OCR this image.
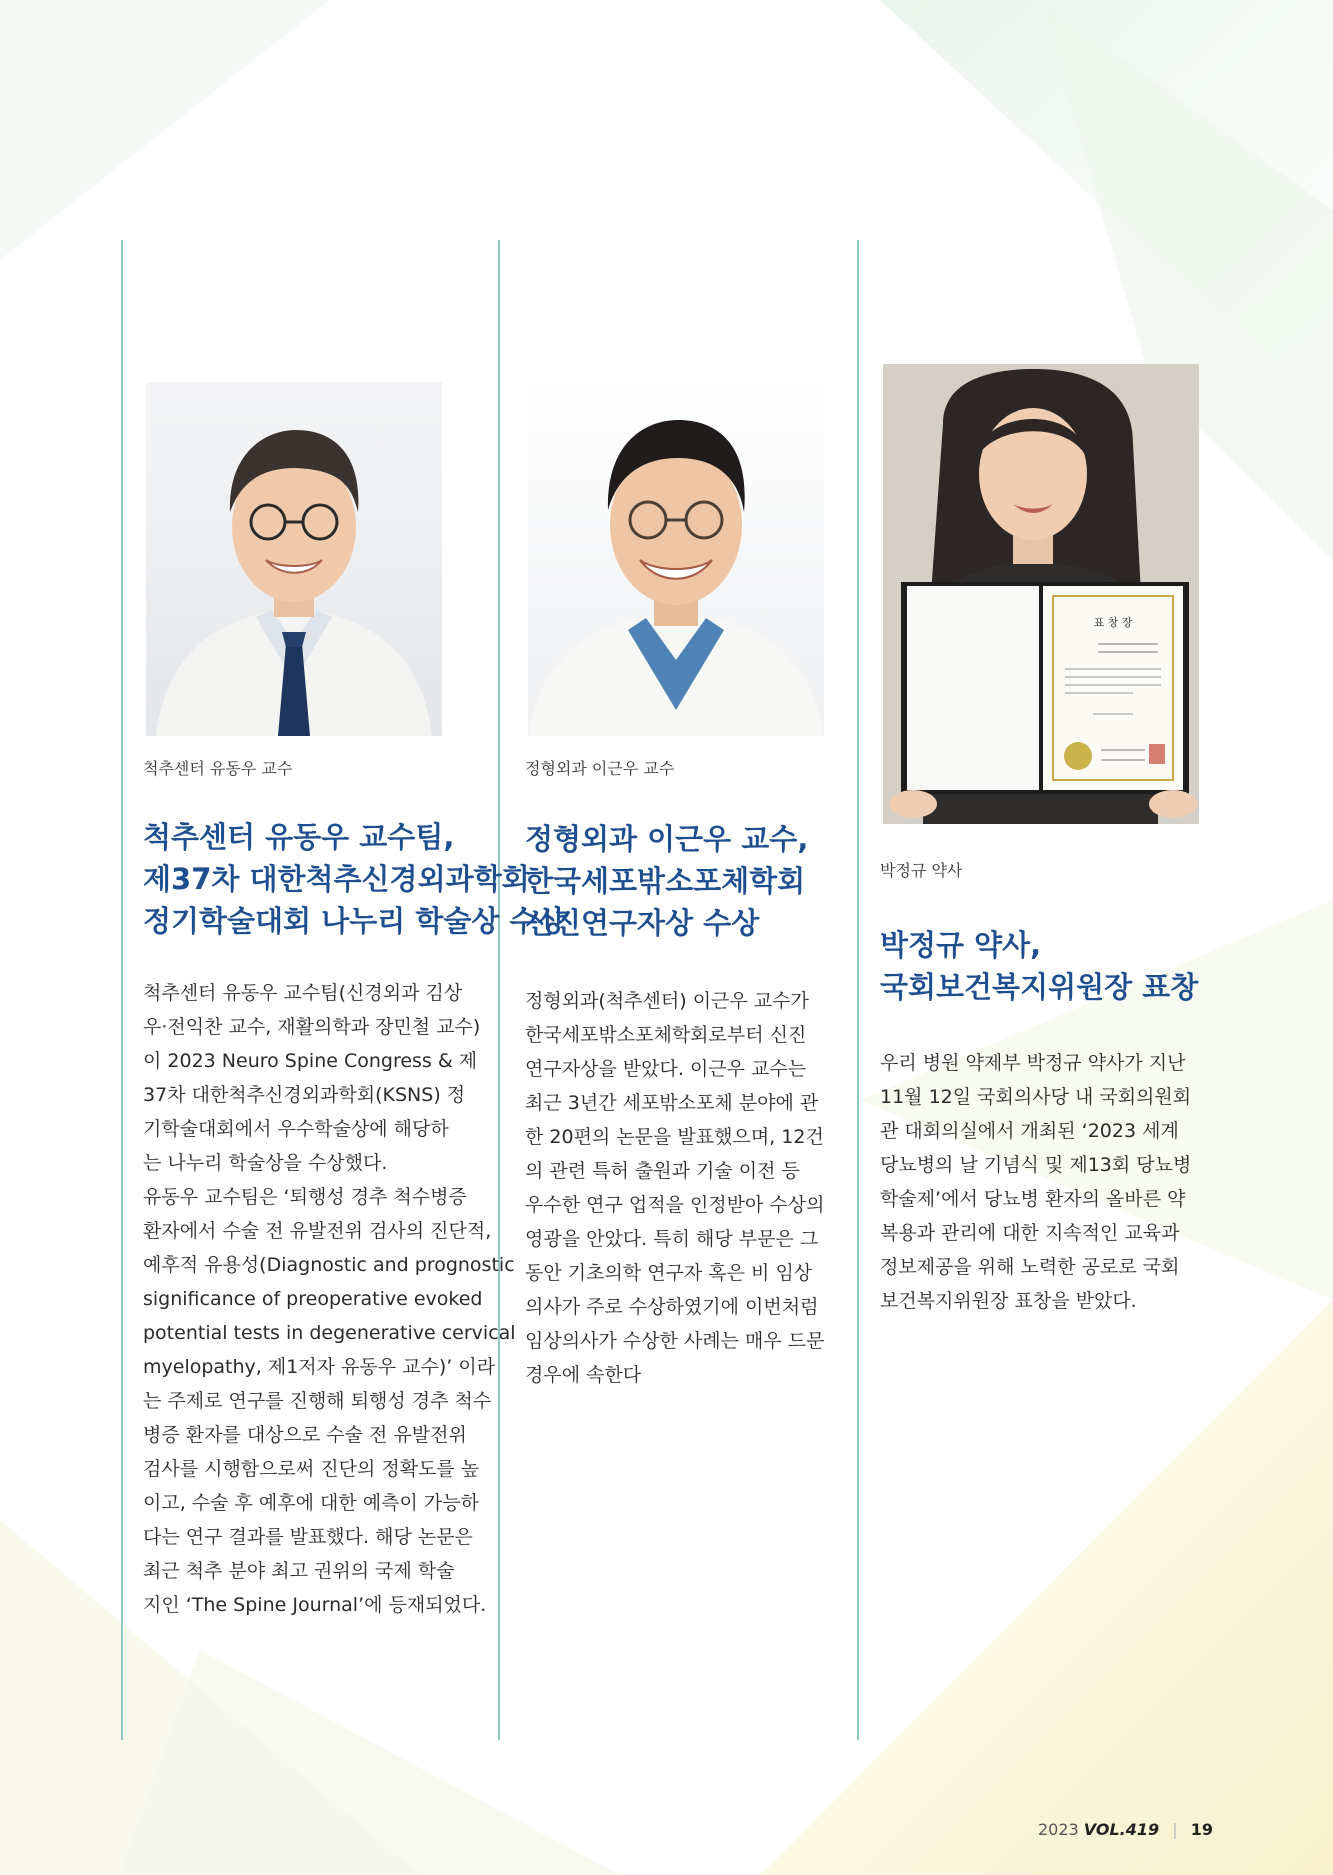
척추센터 유동우 교수
척추센터 유동우 교수팀,
제37차 대한척추신경외과학회
정기학술대회 나누리 학술상 수상
척추센터 유동우 교수팀(신경외과 김상
우·전익찬 교수, 재활의학과 장민철 교수)
이 2023 Neuro Spine Congress & 제
37차 대한척추신경외과학회(KSNS) 정
기학술대회에서 우수학술상에 해당하
는 나누리 학술상을 수상했다.
유동우 교수팀은 ‘퇴행성 경추 척수병증
환자에서 수술 전 유발전위 검사의 진단적,
예후적 유용성(Diagnostic and prognostic
significance of preoperative evoked
potential tests in degenerative cervical
myelopathy, 제1저자 유동우 교수)’ 이라
는 주제로 연구를 진행해 퇴행성 경추 척수
병증 환자를 대상으로 수술 전 유발전위
검사를 시행함으로써 진단의 정확도를 높
이고, 수술 후 예후에 대한 예측이 가능하
다는 연구 결과를 발표했다. 해당 논문은
최근 척추 분야 최고 권위의 국제 학술
지인 ‘The Spine Journal’에 등재되었다.
정형외과 이근우 교수
정형외과 이근우 교수,
한국세포밖소포체학회
신진연구자상 수상
정형외과(척추센터) 이근우 교수가
한국세포밖소포체학회로부터 신진
연구자상을 받았다. 이근우 교수는
최근 3년간 세포밖소포체 분야에 관
한 20편의 논문을 발표했으며, 12건
의 관련 특허 출원과 기술 이전 등
우수한 연구 업적을 인정받아 수상의
영광을 안았다. 특히 해당 부문은 그
동안 기초의학 연구자 혹은 비 임상
의사가 주로 수상하였기에 이번처럼
임상의사가 수상한 사례는 매우 드문
경우에 속한다
표 창 장
박정규 약사
박정규 약사,
국회보건복지위원장 표창
우리 병원 약제부 박정규 약사가 지난
11월 12일 국회의사당 내 국회의원회
관 대회의실에서 개최된 ‘2023 세계
당뇨병의 날 기념식 및 제13회 당뇨병
학술제’에서 당뇨병 환자의 올바른 약
복용과 관리에 대한 지속적인 교육과
정보제공을 위해 노력한 공로로 국회
보건복지위원장 표창을 받았다.
2023 VOL.419 | 19
